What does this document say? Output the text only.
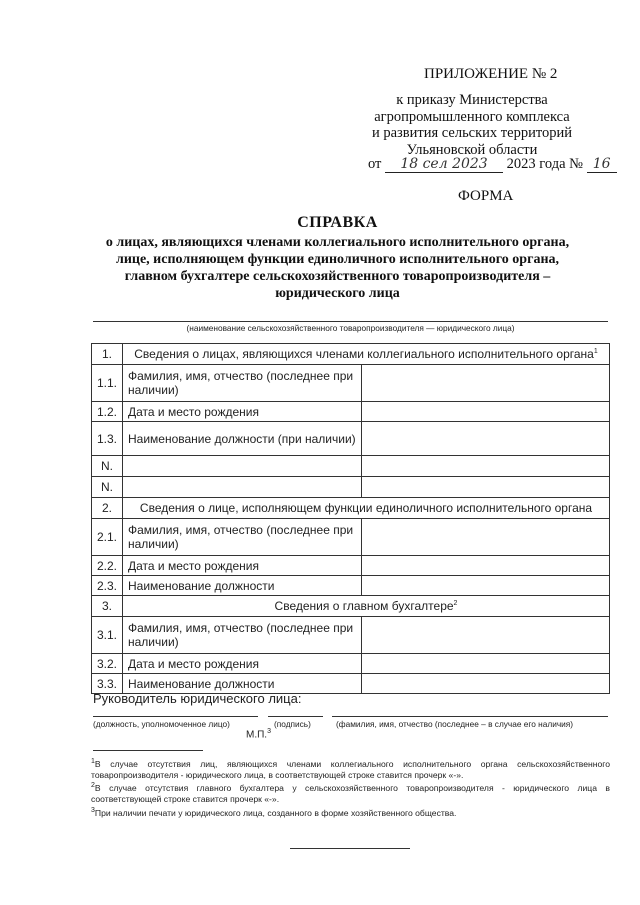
ПРИЛОЖЕНИЕ № 2
к приказу Министерства
агропромышленного комплекса
и развития сельских территорий
Ульяновской области
от 18 сел 2023 2023 года № 16
ФОРМА
СПРАВКА
о лицах, являющихся членами коллегиального исполнительного органа,
лице, исполняющем функции единоличного исполнительного органа,
главном бухгалтере сельскохозяйственного товаропроизводителя –
юридического лица
(наименование сельскохозяйственного товаропроизводителя — юридического лица)
1.	Сведения о лицах, являющихся членами коллегиального исполнительного органа$^1$
1.1.	Фамилия, имя, отчество (последнее при наличии)	
1.2.	Дата и место рождения	
1.3.	Наименование должности (при наличии)	
N.		
N.		
2.	Сведения о лице, исполняющем функции единоличного исполнительного органа	
2.1.	Фамилия, имя, отчество (последнее при наличии)	
2.2.	Дата и место рождения	
2.3.	Наименование должности	
3.	Сведения о главном бухгалтере$^2$
3.1.	Фамилия, имя, отчество (последнее при наличии)	
3.2.	Дата и место рождения	
3.3.	Наименование должности	
Руководитель юридического лица:
(должность, уполномоченное лицо)	(подпись)	(фамилия, имя, отчество (последнее – в случае его наличия)
М.П.$^3$
$^1$В случае отсутствия лиц, являющихся членами коллегиального исполнительного органа сельскохозяйственного товаропроизводителя - юридического лица, в соответствующей строке ставится прочерк «-».
$^2$В случае отсутствия главного бухгалтера у сельскохозяйственного товаропроизводителя - юридического лица в соответствующей строке ставится прочерк «-».
$^3$При наличии печати у юридического лица, созданного в форме хозяйственного общества.
